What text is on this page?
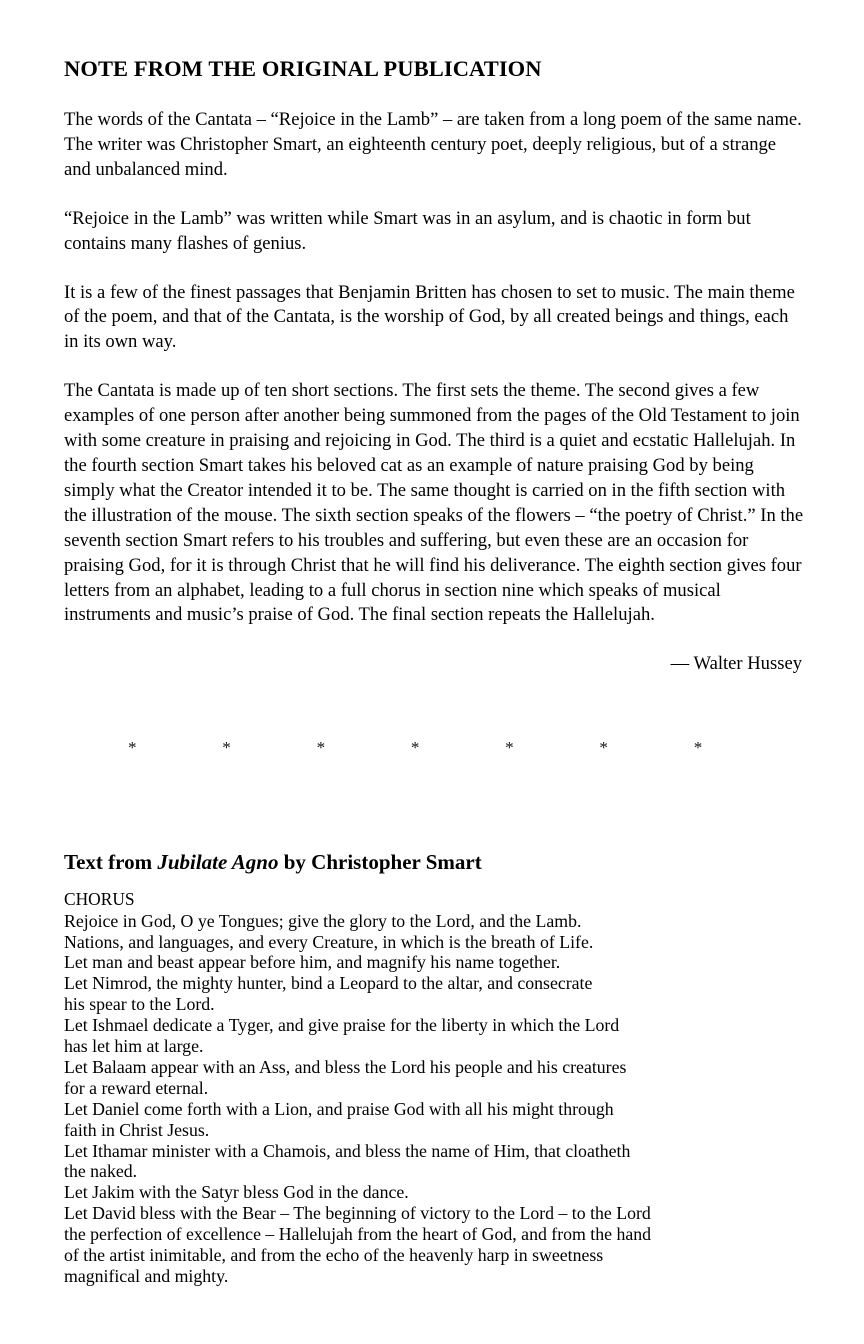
NOTE FROM THE ORIGINAL PUBLICATION

The words of the Cantata – “Rejoice in the Lamb” – are taken from a long poem of the same name. The writer was Christopher Smart, an eighteenth century poet, deeply religious, but of a strange and unbalanced mind.

“Rejoice in the Lamb” was written while Smart was in an asylum, and is chaotic in form but contains many flashes of genius.

It is a few of the finest passages that Benjamin Britten has chosen to set to music. The main theme of the poem, and that of the Cantata, is the worship of God, by all created beings and things, each in its own way.

The Cantata is made up of ten short sections. The first sets the theme. The second gives a few examples of one person after another being summoned from the pages of the Old Testament to join with some creature in praising and rejoicing in God. The third is a quiet and ecstatic Hallelujah. In the fourth section Smart takes his beloved cat as an example of nature praising God by being simply what the Creator intended it to be. The same thought is carried on in the fifth section with the illustration of the mouse. The sixth section speaks of the flowers – “the poetry of Christ.” In the seventh section Smart refers to his troubles and suffering, but even these are an occasion for praising God, for it is through Christ that he will find his deliverance. The eighth section gives four letters from an alphabet, leading to a full chorus in section nine which speaks of musical instruments and music’s praise of God. The final section repeats the Hallelujah.

— Walter Hussey

*	*	*	*	*	*	*
Text from Jubilate Agno by Christopher Smart

CHORUS

Rejoice in God, O ye Tongues; give the glory to the Lord, and the Lamb.

Nations, and languages, and every Creature, in which is the breath of Life.

Let man and beast appear before him, and magnify his name together.

Let Nimrod, the mighty hunter, bind a Leopard to the altar, and consecrate

his spear to the Lord.

Let Ishmael dedicate a Tyger, and give praise for the liberty in which the Lord

has let him at large.

Let Balaam appear with an Ass, and bless the Lord his people and his creatures

for a reward eternal.

Let Daniel come forth with a Lion, and praise God with all his might through

faith in Christ Jesus.

Let Ithamar minister with a Chamois, and bless the name of Him, that cloatheth

the naked.

Let Jakim with the Satyr bless God in the dance.

Let David bless with the Bear – The beginning of victory to the Lord – to the Lord

the perfection of excellence – Hallelujah from the heart of God, and from the hand

of the artist inimitable, and from the echo of the heavenly harp in sweetness

magnifical and mighty.
